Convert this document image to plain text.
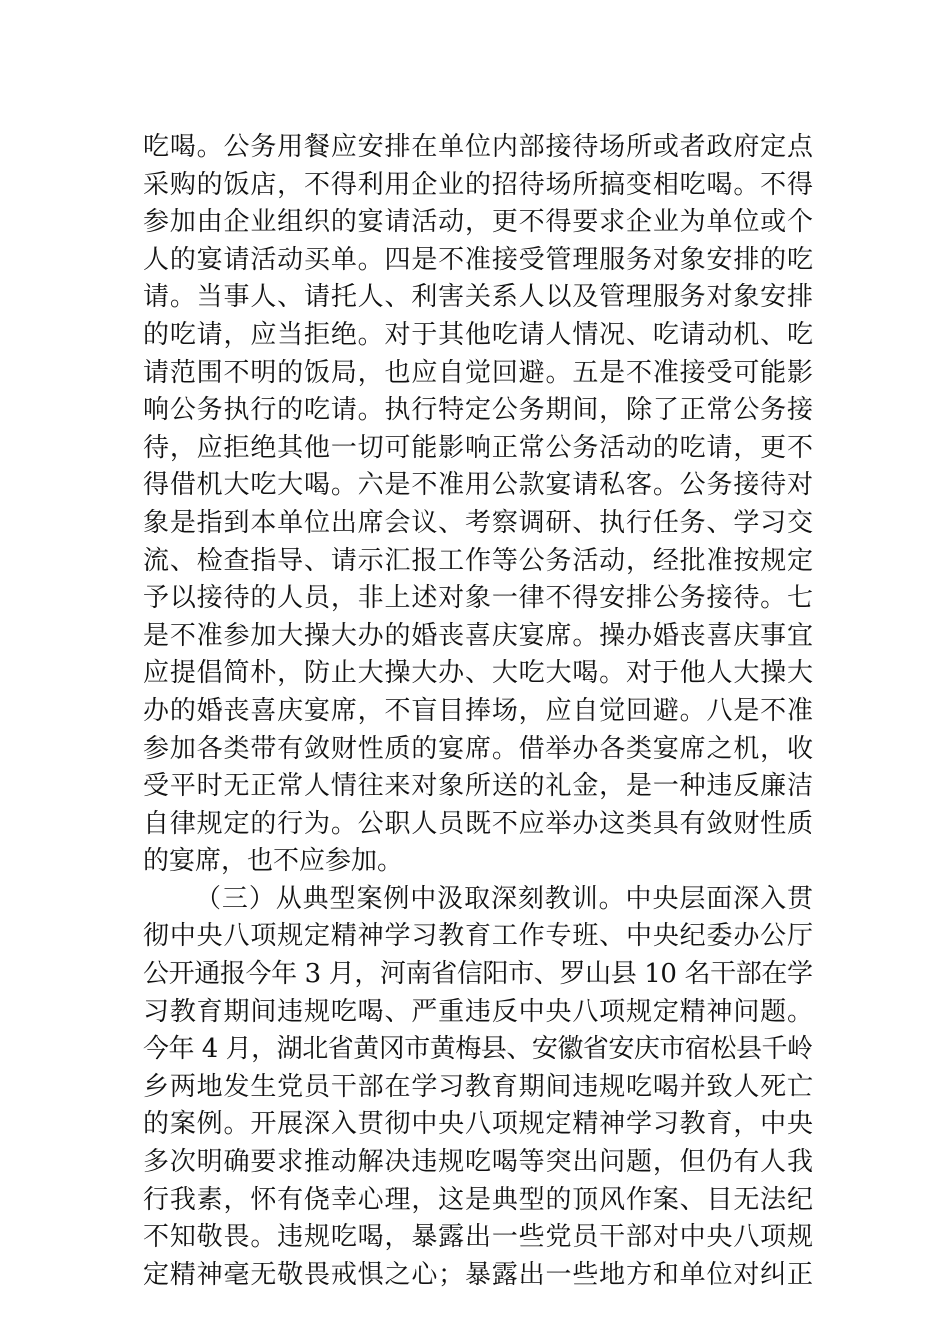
吃喝。公务用餐应安排在单位内部接待场所或者政府定点
采购的饭店，不得利用企业的招待场所搞变相吃喝。不得
参加由企业组织的宴请活动，更不得要求企业为单位或个
人的宴请活动买单。四是不准接受管理服务对象安排的吃
请。当事人、请托人、利害关系人以及管理服务对象安排
的吃请，应当拒绝。对于其他吃请人情况、吃请动机、吃
请范围不明的饭局，也应自觉回避。五是不准接受可能影
响公务执行的吃请。执行特定公务期间，除了正常公务接
待，应拒绝其他一切可能影响正常公务活动的吃请，更不
得借机大吃大喝。六是不准用公款宴请私客。公务接待对
象是指到本单位出席会议、考察调研、执行任务、学习交
流、检查指导、请示汇报工作等公务活动，经批准按规定
予以接待的人员，非上述对象一律不得安排公务接待。七
是不准参加大操大办的婚丧喜庆宴席。操办婚丧喜庆事宜
应提倡简朴，防止大操大办、大吃大喝。对于他人大操大
办的婚丧喜庆宴席，不盲目捧场，应自觉回避。八是不准
参加各类带有敛财性质的宴席。借举办各类宴席之机，收
受平时无正常人情往来对象所送的礼金，是一种违反廉洁
自律规定的行为。公职人员既不应举办这类具有敛财性质
的宴席，也不应参加。
（三）从典型案例中汲取深刻教训。中央层面深入贯
彻中央八项规定精神学习教育工作专班、中央纪委办公厅
公开通报今年 3 月，河南省信阳市、罗山县 10 名干部在学
习教育期间违规吃喝、严重违反中央八项规定精神问题。
今年 4 月，湖北省黄冈市黄梅县、安徽省安庆市宿松县千岭
乡两地发生党员干部在学习教育期间违规吃喝并致人死亡
的案例。开展深入贯彻中央八项规定精神学习教育，中央
多次明确要求推动解决违规吃喝等突出问题，但仍有人我
行我素，怀有侥幸心理，这是典型的顶风作案、目无法纪
不知敬畏。违规吃喝，暴露出一些党员干部对中央八项规
定精神毫无敬畏戒惧之心；暴露出一些地方和单位对纠正
